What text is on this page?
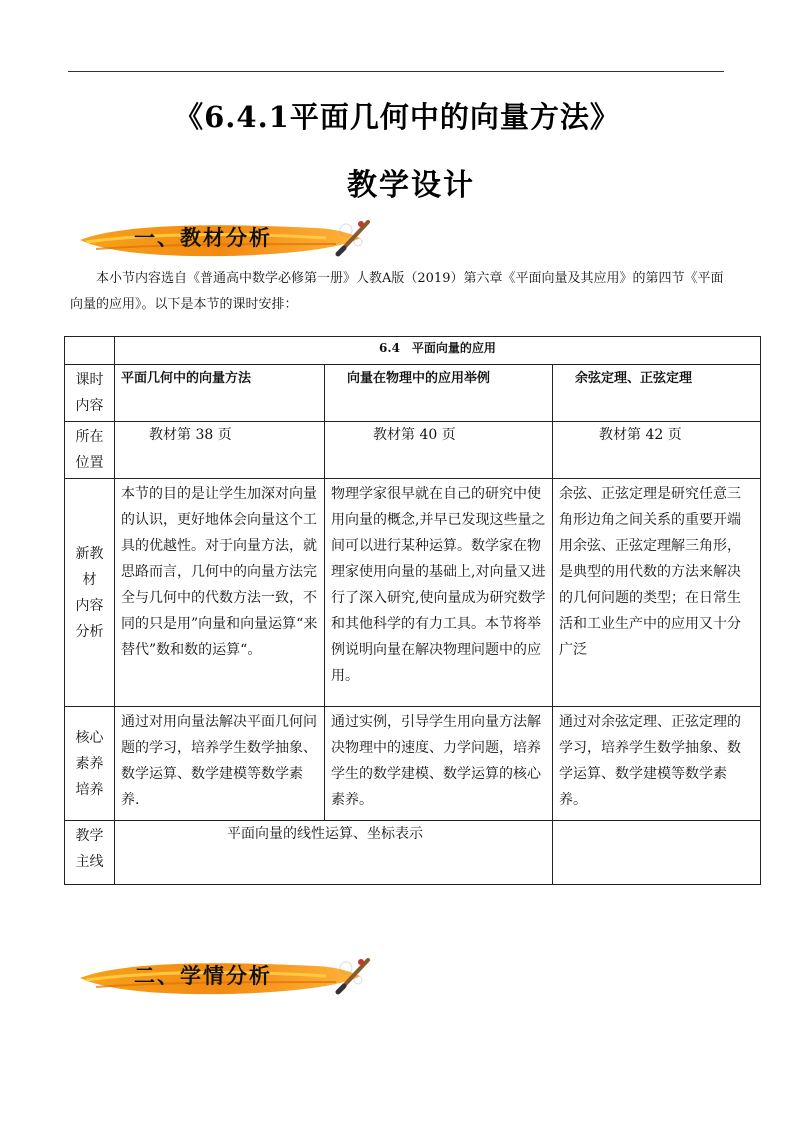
《6.4.1平面几何中的向量方法》
教学设计
一、教材分析
本小节内容选自《普通高中数学必修第一册》人教A版（2019）第六章《平面向量及其应用》的第四节《平面向量的应用》。以下是本节的课时安排：
	6.4　平面向量的应用		

课时
内容	平面几何中的向量方法	向量在物理中的应用举例	余弦定理、正弦定理

所在
位置	教材第 38 页	教材第 40 页	教材第 42 页

新教
材
内容
分析	本节的目的是让学生加深对向量的认识，更好地体会向量这个工具的优越性。对于向量方法，就思路而言，几何中的向量方法完全与几何中的代数方法一致，不同的只是用”向量和向量运算“来替代”数和数的运算“。	物理学家很早就在自己的研究中使用向量的概念,并早已发现这些量之间可以进行某种运算。数学家在物理家使用向量的基础上,对向量又进行了深入研究,使向量成为研究数学和其他科学的有力工具。本节将举例说明向量在解决物理问题中的应用。	余弦、正弦定理是研究任意三角形边角之间关系的重要开端用余弦、正弦定理解三角形，是典型的用代数的方法来解决的几何问题的类型；在日常生活和工业生产中的应用又十分广泛

核心
素养
培养	通过对用向量法解决平面几何问题的学习，培养学生数学抽象、数学运算、数学建模等数学素养.	通过实例，引导学生用向量方法解决物理中的速度、力学问题，培养学生的数学建模、数学运算的核心素养。	通过对余弦定理、正弦定理的学习，培养学生数学抽象、数学运算、数学建模等数学素养。

教学
主线	平面向量的线性运算、坐标表示		
二、学情分析
